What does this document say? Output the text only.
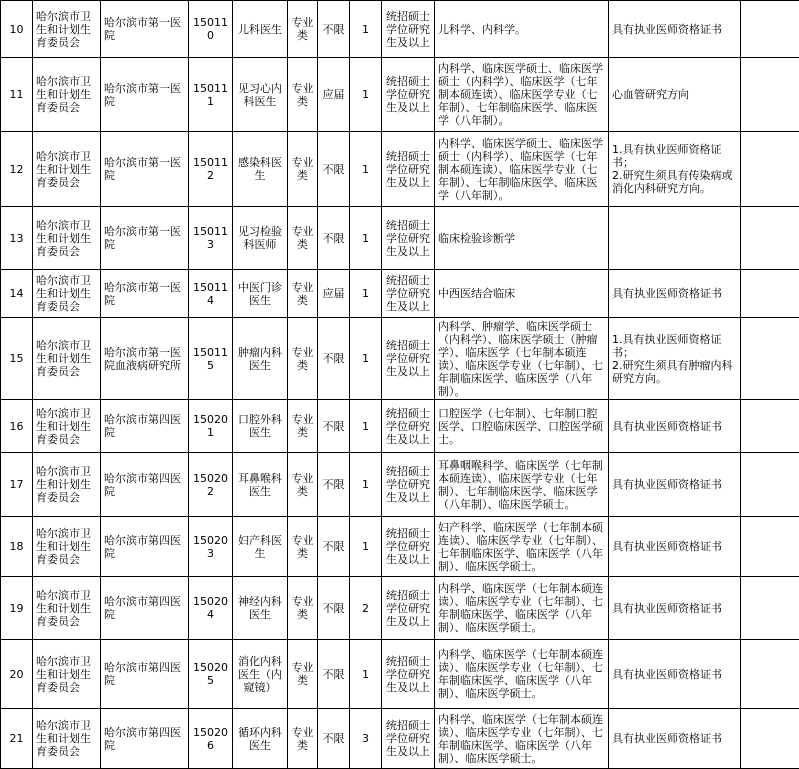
10	哈尔滨市卫生和计划生育委员会	哈尔滨市第一医院	150110	儿科医生	专业类	不限	1	统招硕士学位研究生及以上	儿科学、内科学。	具有执业医师资格证书	
11	哈尔滨市卫生和计划生育委员会	哈尔滨市第一医院	150111	见习心内科医生	专业类	应届	1	统招硕士学位研究生及以上	内科学、临床医学硕士、临床医学硕士（内科学）、临床医学（七年制本硕连读）、临床医学专业（七年制）、七年制临床医学、临床医学（八年制）。	心血管研究方向	
12	哈尔滨市卫生和计划生育委员会	哈尔滨市第一医院	150112	感染科医生	专业类	不限	1	统招硕士学位研究生及以上	内科学、临床医学硕士、临床医学硕士（内科学）、临床医学（七年制本硕连读）、临床医学专业（七年制）、七年制临床医学、临床医学（八年制）。	1.具有执业医师资格证书；
2.研究生须具有传染病或消化内科研究方向。	
13	哈尔滨市卫生和计划生育委员会	哈尔滨市第一医院	150113	见习检验科医师	专业类	不限	1	统招硕士学位研究生及以上	临床检验诊断学		
14	哈尔滨市卫生和计划生育委员会	哈尔滨市第一医院	150114	中医门诊医生	专业类	应届	1	统招硕士学位研究生及以上	中西医结合临床	具有执业医师资格证书	
15	哈尔滨市卫生和计划生育委员会	哈尔滨市第一医院血液病研究所	150115	肿瘤内科医生	专业类	不限	1	统招硕士学位研究生及以上	内科学、肿瘤学、临床医学硕士（内科学）、临床医学硕士（肿瘤学）、临床医学（七年制本硕连读）、临床医学专业（七年制）、七年制临床医学、临床医学（八年制）。	1.具有执业医师资格证书；
2.研究生须具有肿瘤内科研究方向。	
16	哈尔滨市卫生和计划生育委员会	哈尔滨市第四医院	150201	口腔外科医生	专业类	不限	1	统招硕士学位研究生及以上	口腔医学（七年制）、七年制口腔医学、口腔临床医学、口腔医学硕士。	具有执业医师资格证书	
17	哈尔滨市卫生和计划生育委员会	哈尔滨市第四医院	150202	耳鼻喉科医生	专业类	不限	1	统招硕士学位研究生及以上	耳鼻咽喉科学、临床医学（七年制本硕连读）、临床医学专业（七年制）、七年制临床医学、临床医学（八年制）、临床医学硕士。	具有执业医师资格证书	
18	哈尔滨市卫生和计划生育委员会	哈尔滨市第四医院	150203	妇产科医生	专业类	不限	1	统招硕士学位研究生及以上	妇产科学、临床医学（七年制本硕连读）、临床医学专业（七年制）、七年制临床医学、临床医学（八年制）、临床医学硕士。	具有执业医师资格证书	
19	哈尔滨市卫生和计划生育委员会	哈尔滨市第四医院	150204	神经内科医生	专业类	不限	2	统招硕士学位研究生及以上	内科学、临床医学（七年制本硕连读）、临床医学专业（七年制）、七年制临床医学、临床医学（八年制）、临床医学硕士。	具有执业医师资格证书	
20	哈尔滨市卫生和计划生育委员会	哈尔滨市第四医院	150205	消化内科医生（内窥镜）	专业类	不限	1	统招硕士学位研究生及以上	内科学、临床医学（七年制本硕连读）、临床医学专业（七年制）、七年制临床医学、临床医学（八年制）、临床医学硕士。	具有执业医师资格证书	
21	哈尔滨市卫生和计划生育委员会	哈尔滨市第四医院	150206	循环内科医生	专业类	不限	3	统招硕士学位研究生及以上	内科学、临床医学（七年制本硕连读）、临床医学专业（七年制）、七年制临床医学、临床医学（八年制）、临床医学硕士。	具有执业医师资格证书	
